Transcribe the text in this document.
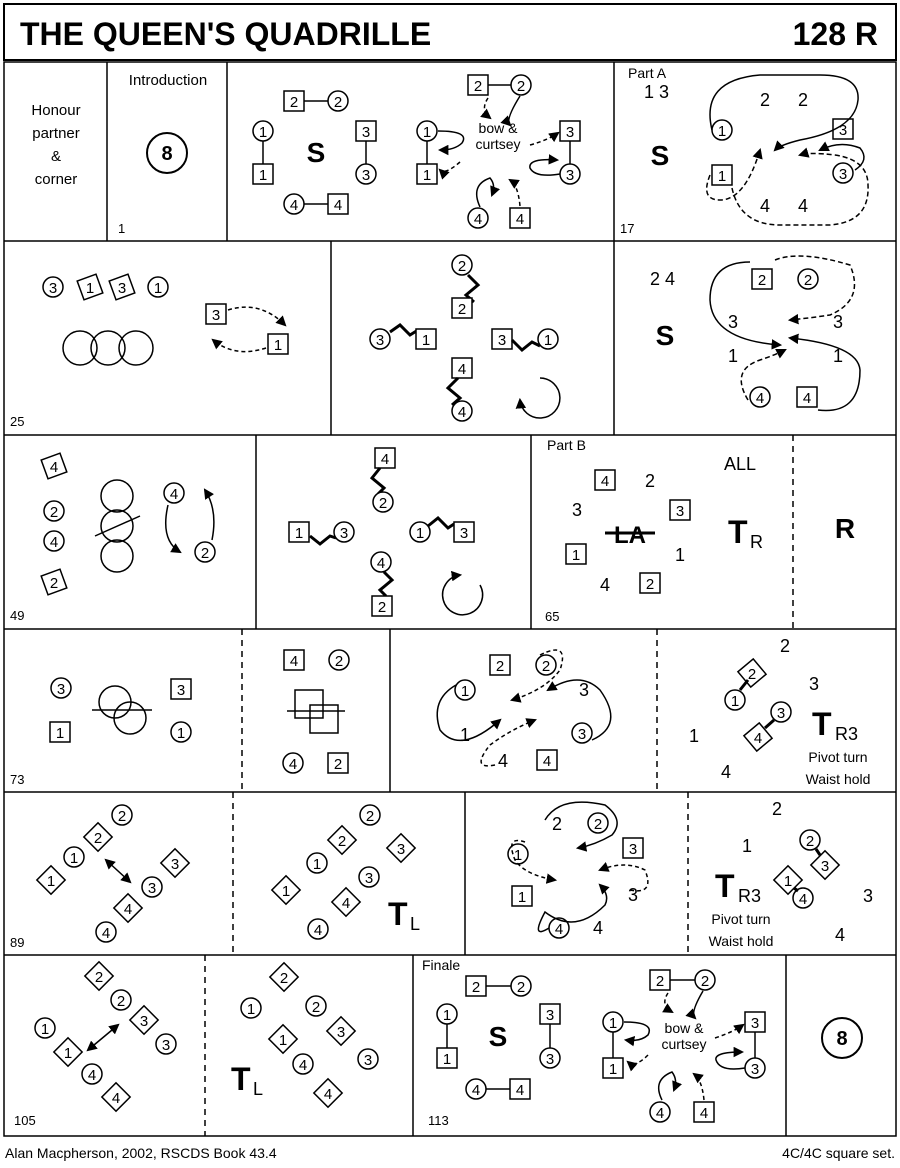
THE QUEEN'S QUADRILLE	128 R
Honour
partner
&
corner
Introduction
8
1
2 2
1
1
3
3
4 4
S
2 2
1
1
3
3
4 4
bow &
curtsey
Part A
1 3
S
2 2
4 4
1
1
3
3
17
3 1 3 1
3
1
25
2
2
3	1	3	1
4
4
2 4
S	3	3
1	1
2	2
4	4
4
2
4
2
4
2
49
4
2
1 3	1 3
4
2
Part B
ALL
4 2
3	3
LA
1	1
4 2
T R	R
65
3
1
3
1
73
4 2
4 2
2	2
1	3
1	3
4 4
2
3
1
4
2
1
3
4 T R3
Pivot turn
Waist hold
2
2
1
1
3
3
4
4
89
2
2
1
1
3
3
4
4 T L
2 2
1	3
1	3
4 4
2
1
3
4
2
3
1
4
T R3
Pivot turn
Waist hold
2
2
3
3
1
1
4
4
105
2
2
3
3
1
1
4
4
T L
Finale
2 2
1
1
3
3
4 4
S
113
2 2
1
1
3
3
4 4
bow &
curtsey	8
Alan Macpherson, 2002, RSCDS Book 43.4	4C/4C square set.
